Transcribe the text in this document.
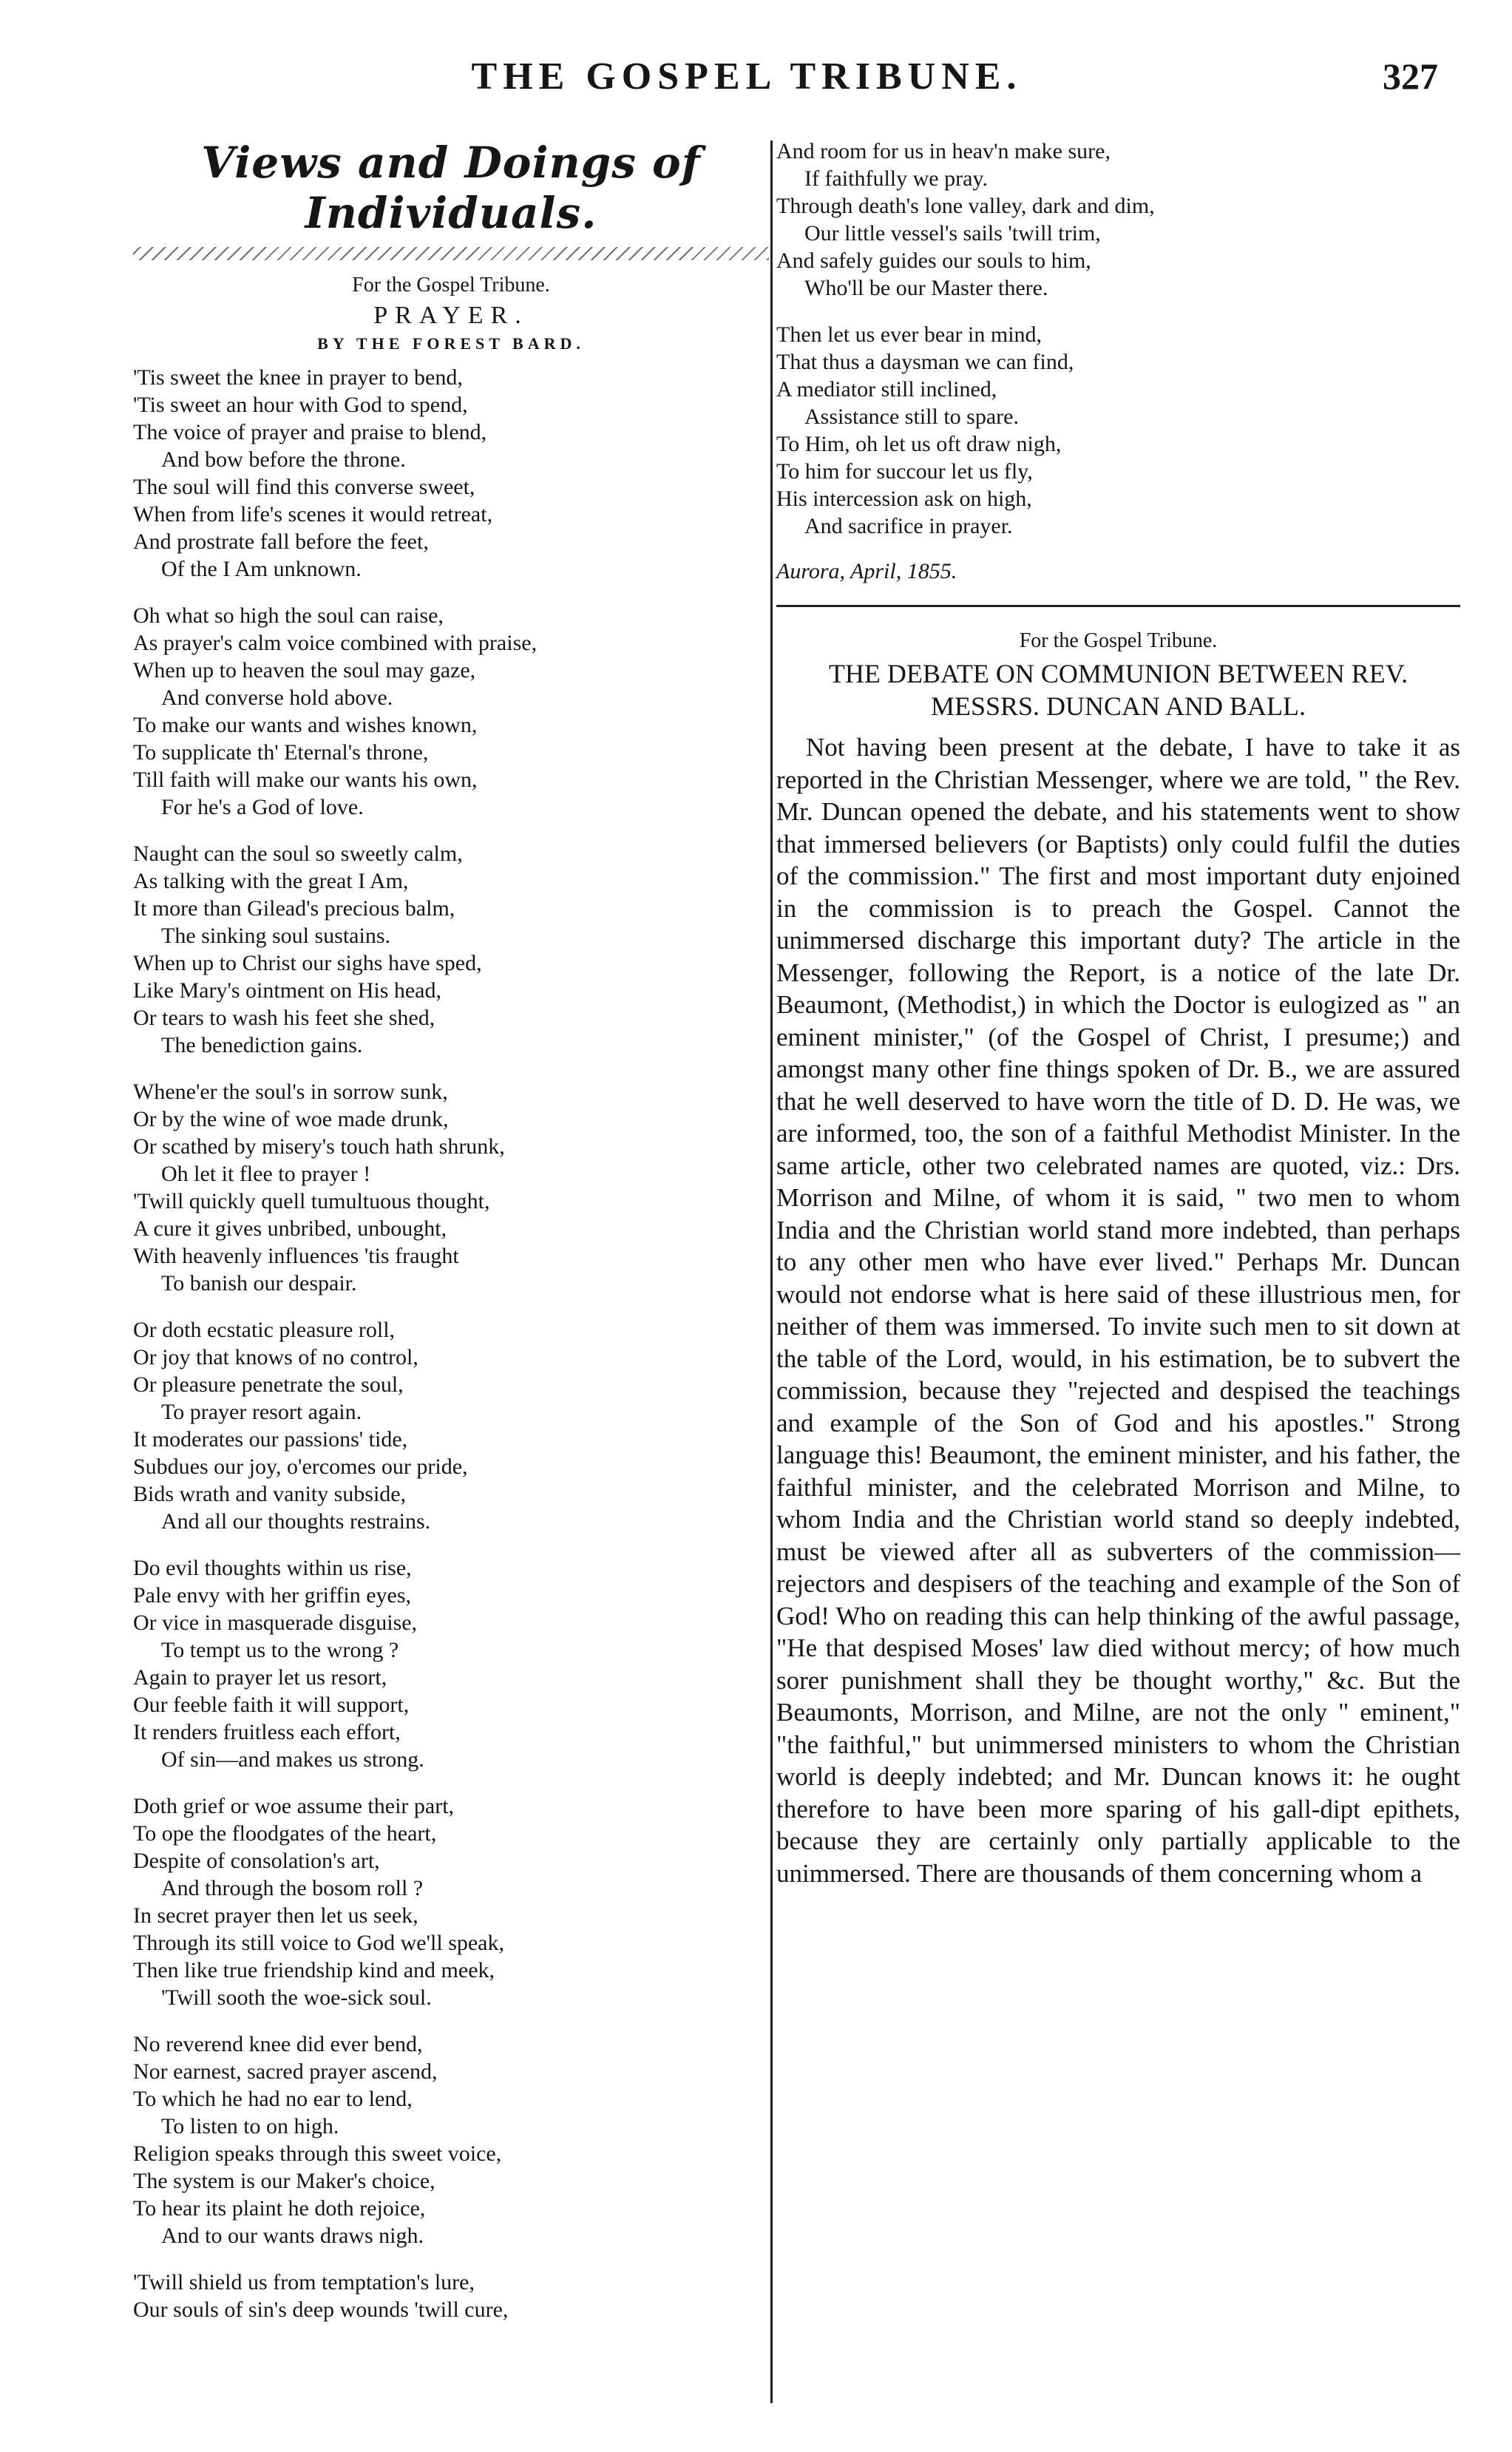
THE GOSPEL TRIBUNE.	327
Views and Doings of Individuals.

For the Gospel Tribune.

PRAYER.

BY THE FOREST BARD.

'Tis sweet the knee in prayer to bend,
'Tis sweet an hour with God to spend,
The voice of prayer and praise to blend,
And bow before the throne.
The soul will find this converse sweet,
When from life's scenes it would retreat,
And prostrate fall before the feet,
Of the I Am unknown.
Oh what so high the soul can raise,
As prayer's calm voice combined with praise,
When up to heaven the soul may gaze,
And converse hold above.
To make our wants and wishes known,
To supplicate th' Eternal's throne,
Till faith will make our wants his own,
For he's a God of love.
Naught can the soul so sweetly calm,
As talking with the great I Am,
It more than Gilead's precious balm,
The sinking soul sustains.
When up to Christ our sighs have sped,
Like Mary's ointment on His head,
Or tears to wash his feet she shed,
The benediction gains.
Whene'er the soul's in sorrow sunk,
Or by the wine of woe made drunk,
Or scathed by misery's touch hath shrunk,
Oh let it flee to prayer !
'Twill quickly quell tumultuous thought,
A cure it gives unbribed, unbought,
With heavenly influences 'tis fraught
To banish our despair.
Or doth ecstatic pleasure roll,
Or joy that knows of no control,
Or pleasure penetrate the soul,
To prayer resort again.
It moderates our passions' tide,
Subdues our joy, o'ercomes our pride,
Bids wrath and vanity subside,
And all our thoughts restrains.
Do evil thoughts within us rise,
Pale envy with her griffin eyes,
Or vice in masquerade disguise,
To tempt us to the wrong ?
Again to prayer let us resort,
Our feeble faith it will support,
It renders fruitless each effort,
Of sin—and makes us strong.
Doth grief or woe assume their part,
To ope the floodgates of the heart,
Despite of consolation's art,
And through the bosom roll ?
In secret prayer then let us seek,
Through its still voice to God we'll speak,
Then like true friendship kind and meek,
'Twill sooth the woe-sick soul.
No reverend knee did ever bend,
Nor earnest, sacred prayer ascend,
To which he had no ear to lend,
To listen to on high.
Religion speaks through this sweet voice,
The system is our Maker's choice,
To hear its plaint he doth rejoice,
And to our wants draws nigh.
'Twill shield us from temptation's lure,
Our souls of sin's deep wounds 'twill cure,
And room for us in heav'n make sure,
If faithfully we pray.
Through death's lone valley, dark and dim,
Our little vessel's sails 'twill trim,
And safely guides our souls to him,
Who'll be our Master there.
Then let us ever bear in mind,
That thus a daysman we can find,
A mediator still inclined,
Assistance still to spare.
To Him, oh let us oft draw nigh,
To him for succour let us fly,
His intercession ask on high,
And sacrifice in prayer.

Aurora, April, 1855.

For the Gospel Tribune.

THE DEBATE ON COMMUNION BETWEEN REV. MESSRS. DUNCAN AND BALL.

Not having been present at the debate, I have to take it as reported in the Christian Messenger, where we are told, " the Rev. Mr. Duncan opened the debate, and his statements went to show that immersed believers (or Baptists) only could fulfil the duties of the commission." The first and most important duty enjoined in the commission is to preach the Gospel. Cannot the unimmersed discharge this important duty? The article in the Messenger, following the Report, is a notice of the late Dr. Beaumont, (Methodist,) in which the Doctor is eulogized as " an eminent minister," (of the Gospel of Christ, I presume;) and amongst many other fine things spoken of Dr. B., we are assured that he well deserved to have worn the title of D. D. He was, we are informed, too, the son of a faithful Methodist Minister. In the same article, other two celebrated names are quoted, viz.: Drs. Morrison and Milne, of whom it is said, " two men to whom India and the Christian world stand more indebted, than perhaps to any other men who have ever lived." Perhaps Mr. Duncan would not endorse what is here said of these illustrious men, for neither of them was immersed. To invite such men to sit down at the table of the Lord, would, in his estimation, be to subvert the commission, because they "rejected and despised the teachings and example of the Son of God and his apostles." Strong language this! Beaumont, the eminent minister, and his father, the faithful minister, and the celebrated Morrison and Milne, to whom India and the Christian world stand so deeply indebted, must be viewed after all as subverters of the commission—rejectors and despisers of the teaching and example of the Son of God! Who on reading this can help thinking of the awful passage, "He that despised Moses' law died without mercy; of how much sorer punishment shall they be thought worthy," &c. But the Beaumonts, Morrison, and Milne, are not the only " eminent," "the faithful," but unimmersed ministers to whom the Christian world is deeply indebted; and Mr. Duncan knows it: he ought therefore to have been more sparing of his gall-dipt epithets, because they are certainly only partially applicable to the unimmersed. There are thousands of them concerning whom a
